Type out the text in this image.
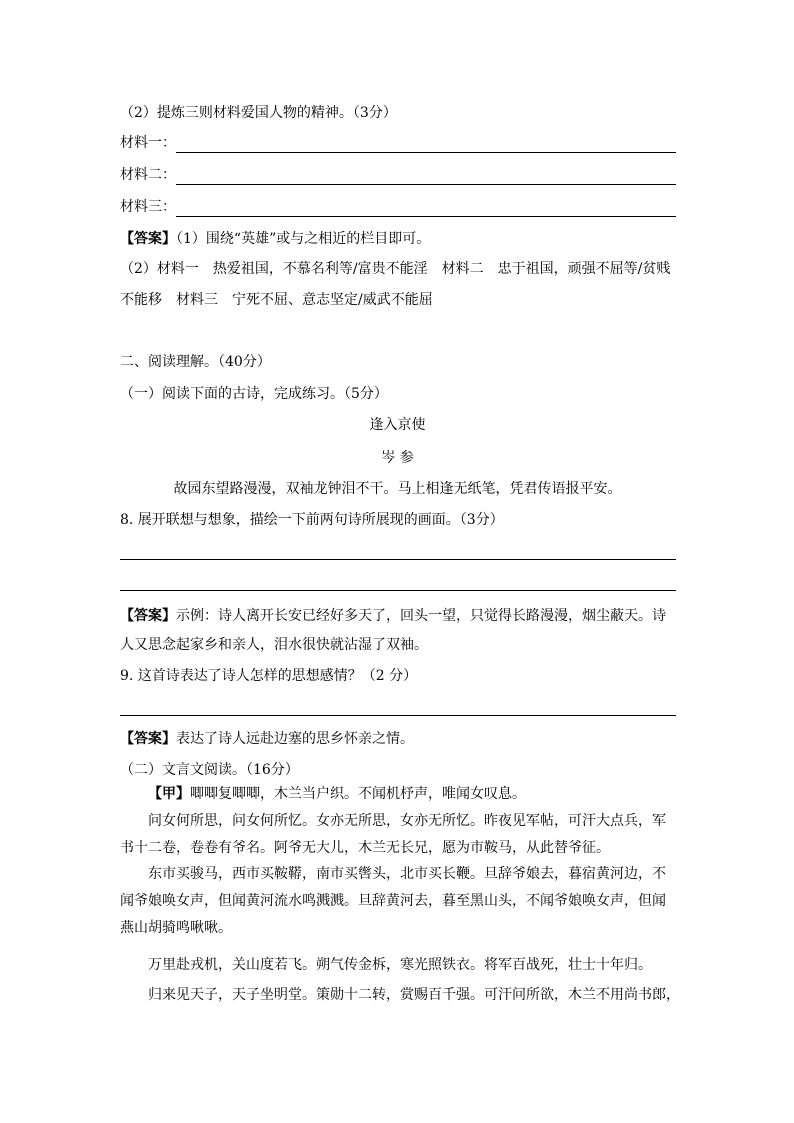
（2）提炼三则材料爱国人物的精神。（3分）
材料一：
材料二：
材料三：
【答案】（1）围绕“英雄”或与之相近的栏目即可。
（2）材料一　热爱祖国，不慕名利等/富贵不能淫　材料二　忠于祖国，顽强不屈等/贫贱
不能移　材料三　宁死不屈、意志坚定/威武不能屈
二、阅读理解。（40分）
（一）阅读下面的古诗，完成练习。（5分）
逢入京使
岑 参
故园东望路漫漫，双袖龙钟泪不干。马上相逢无纸笔，凭君传语报平安。
8. 展开联想与想象，描绘一下前两句诗所展现的画面。（3分）
【答案】示例：诗人离开长安已经好多天了，回头一望，只觉得长路漫漫，烟尘蔽天。诗
人又思念起家乡和亲人，泪水很快就沾湿了双袖。
9. 这首诗表达了诗人怎样的思想感情？（2 分）
【答案】表达了诗人远赴边塞的思乡怀亲之情。
（二）文言文阅读。（16分）
【甲】唧唧复唧唧，木兰当户织。不闻机杼声，唯闻女叹息。
问女何所思，问女何所忆。女亦无所思，女亦无所忆。昨夜见军帖，可汗大点兵，军
书十二卷，卷卷有爷名。阿爷无大儿，木兰无长兄，愿为市鞍马，从此替爷征。
东市买骏马，西市买鞍鞯，南市买辔头，北市买长鞭。旦辞爷娘去，暮宿黄河边，不
闻爷娘唤女声，但闻黄河流水鸣溅溅。旦辞黄河去，暮至黑山头，不闻爷娘唤女声，但闻
燕山胡骑鸣啾啾。
万里赴戎机，关山度若飞。朔气传金柝，寒光照铁衣。将军百战死，壮士十年归。
归来见天子，天子坐明堂。策勋十二转，赏赐百千强。可汗问所欲，木兰不用尚书郎，
